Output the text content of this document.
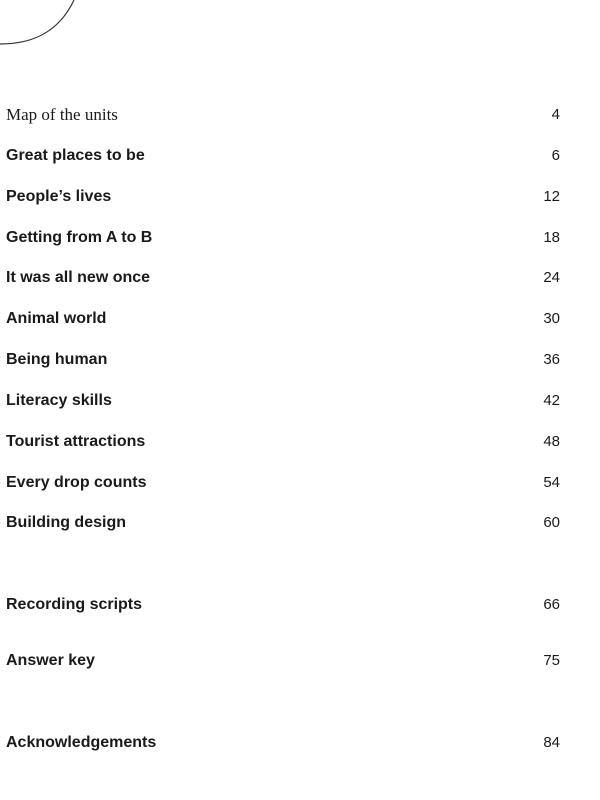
Map of the units	4
Great places to be	6
People’s lives	12
Getting from A to B	18
It was all new once	24
Animal world	30
Being human	36
Literacy skills	42
Tourist attractions	48
Every drop counts	54
Building design	60
Recording scripts	66
Answer key	75
Acknowledgements	84
